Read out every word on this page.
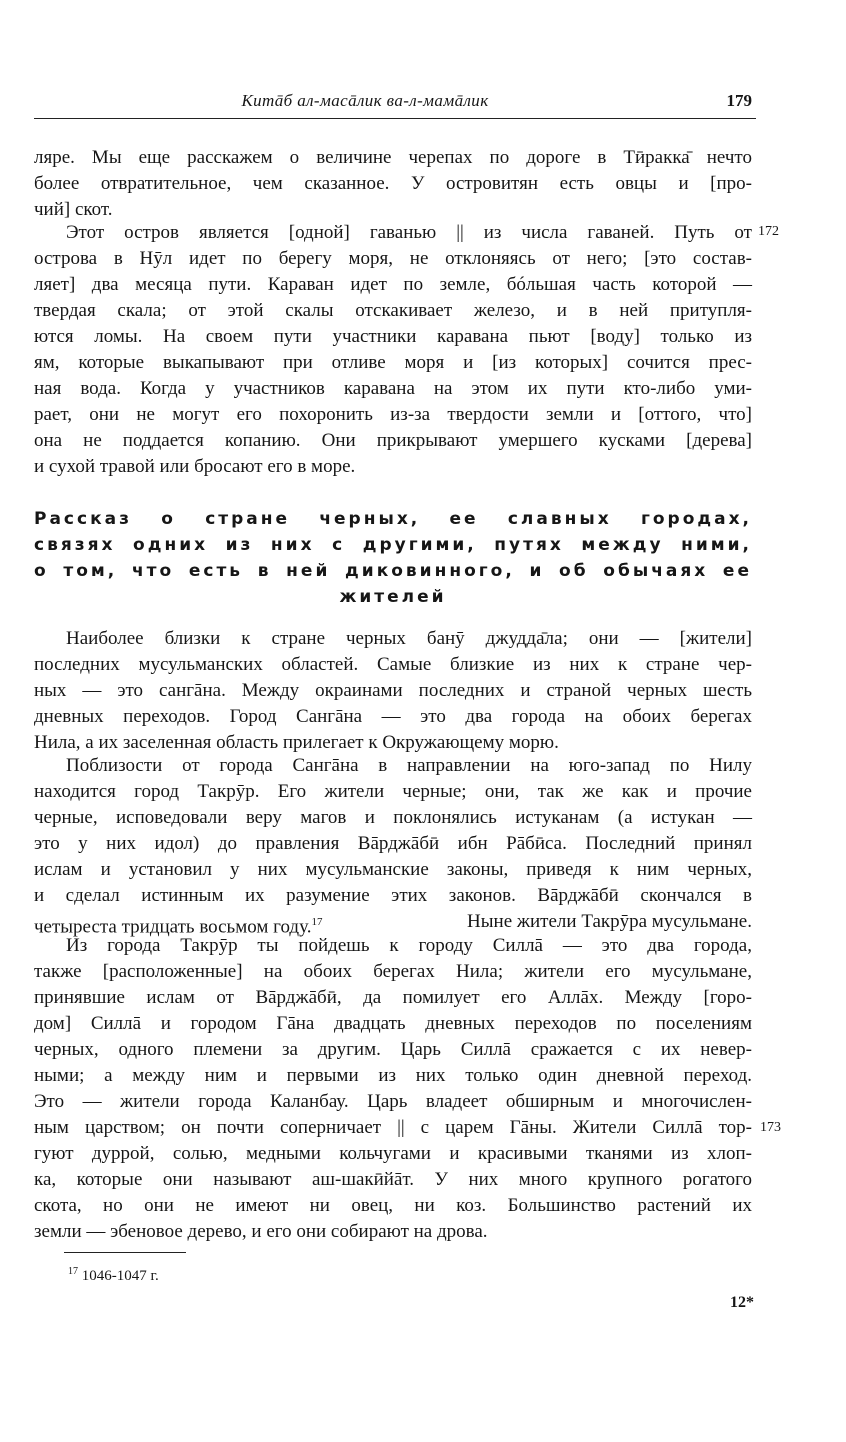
Китāб ал-масāлик ва-л-мамāлик	179
ляре. Мы еще расскажем о величине черепах по дороге в Тӣракка̄ нечто
более отвратительное, чем сказанное. У островитян есть овцы и [про-
чий] скот.
Этот остров является [одной] гаванью || из числа гаваней. Путь от
острова в Нӯл идет по берегу моря, не отклоняясь от него; [это состав-
ляет] два месяца пути. Караван идет по земле, бóльшая часть которой —
твердая скала; от этой скалы отскакивает железо, и в ней притупля-
ются ломы. На своем пути участники каравана пьют [воду] только из
ям, которые выкапывают при отливе моря и [из которых] сочится прес-
ная вода. Когда у участников каравана на этом их пути кто-либо уми-
рает, они не могут его похоронить из-за твердости земли и [оттого, что]
она не поддается копанию. Они прикрывают умершего кусками [дерева]
и сухой травой или бросают его в море.
172
Рассказ о стране черных, ее славных городах,
связях одних из них с другими, путях между ними,
о том, что есть в ней диковинного, и об обычаях ее
жителей
Наиболее близки к стране черных банӯ джудда̄ла; они — [жители]
последних мусульманских областей. Самые близкие из них к стране чер-
ных — это сангāна. Между окраинами последних и страной черных шесть
дневных переходов. Город Сангāна — это два города на обоих берегах
Нила, а их заселенная область прилегает к Окружающему морю.
Поблизости от города Сангāна в направлении на юго-запад по Нилу
находится город Такрӯр. Его жители черные; они, так же как и прочие
черные, исповедовали веру магов и поклонялись истуканам (а истукан —
это у них идол) до правления Вāрджāбӣ ибн Рāбӣса. Последний принял
ислам и установил у них мусульманские законы, приведя к ним черных,
и сделал истинным их разумение этих законов. Вāрджāбӣ скончался в
четыреста тридцать восьмом году.$^{17}$	Ныне жители Такрӯра мусульмане.
Из города Такрӯр ты пойдешь к городу Силлā — это два города,
также [расположенные] на обоих берегах Нила; жители его мусульмане,
принявшие ислам от Вāрджāбӣ, да помилует его Аллāх. Между [горо-
дом] Силлā и городом Гāна двадцать дневных переходов по поселениям
черных, одного племени за другим. Царь Силлā сражается с их невер-
ными; а между ним и первыми из них только один дневной переход.
Это — жители города Каланбау. Царь владеет обширным и многочислен-
ным царством; он почти соперничает || с царем Гāны. Жители Силлā тор-
гуют дуррой, солью, медными кольчугами и красивыми тканями из хлоп-
ка, которые они называют аш-шакӣйāт. У них много крупного рогатого
скота, но они не имеют ни овец, ни коз. Большинство растений их
земли — эбеновое дерево, и его они собирают на дрова.
173
$^{17}$ 1046-1047 г.
12*
